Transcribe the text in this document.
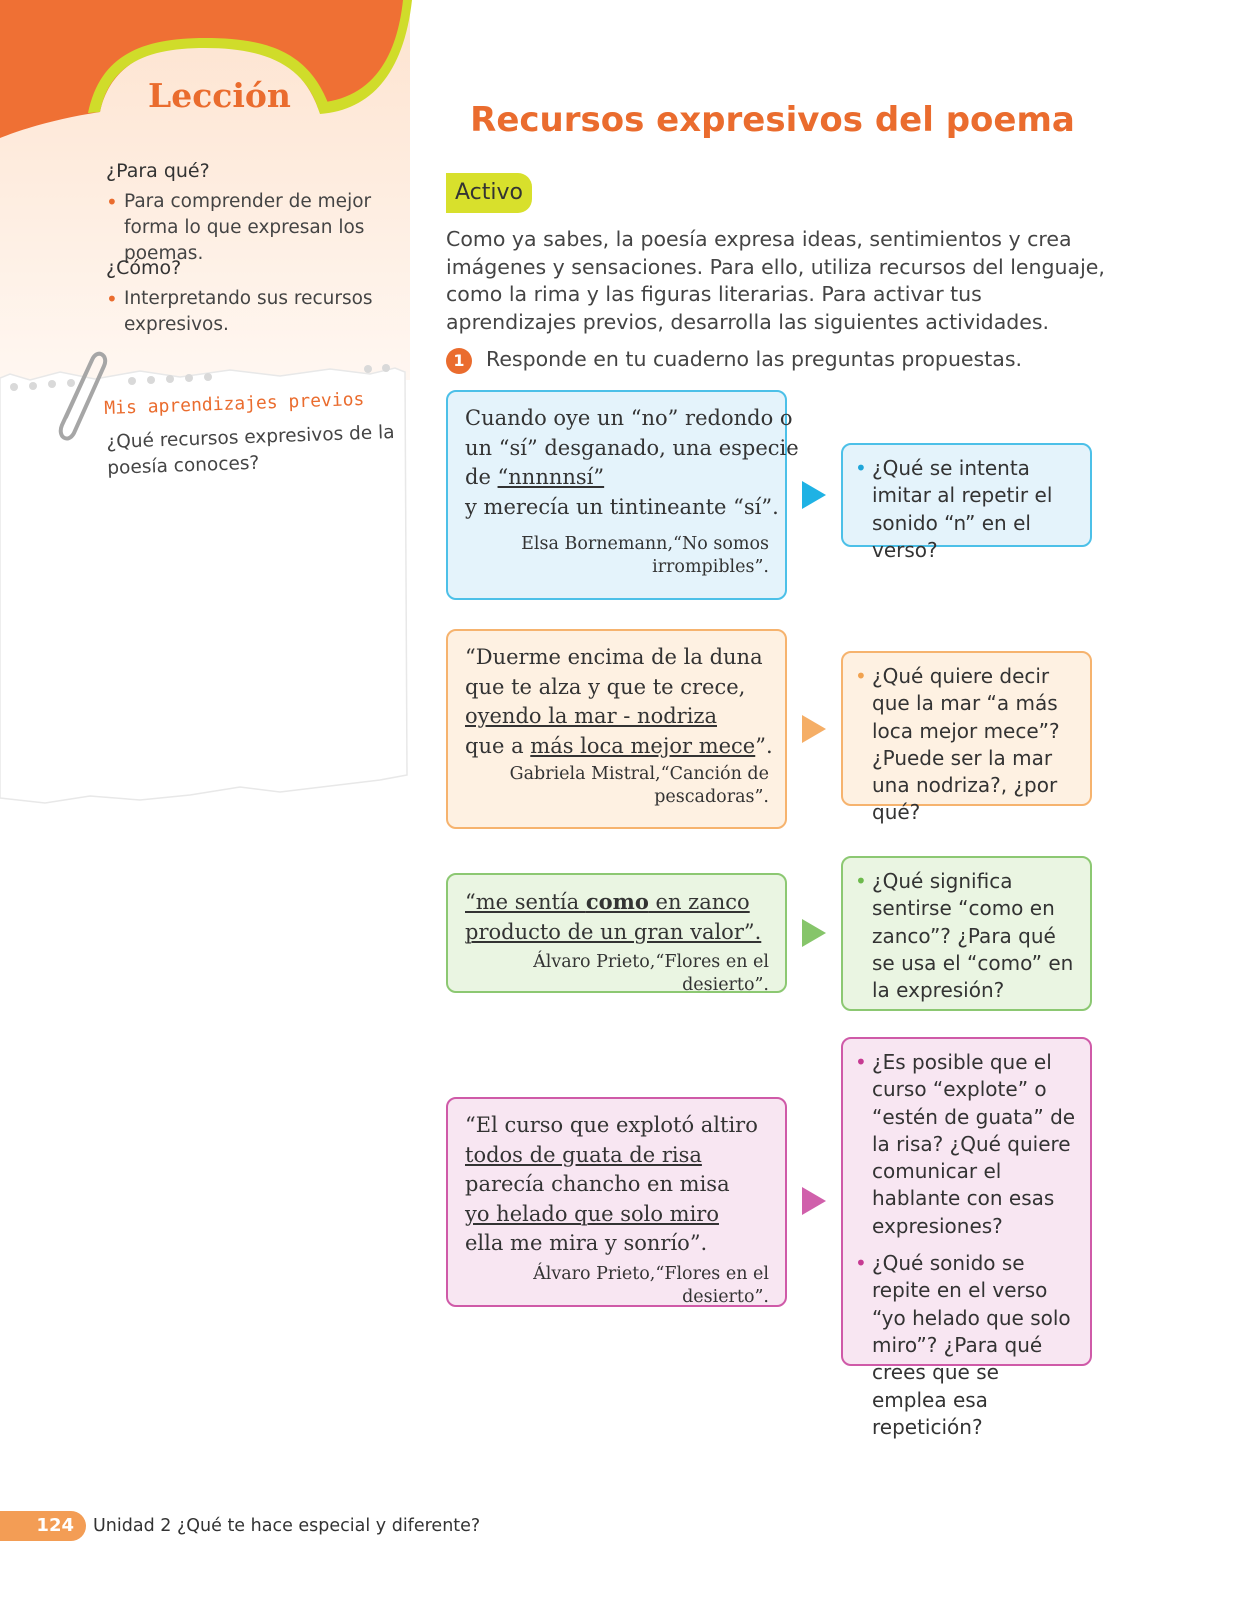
Lección
¿Para qué?
• Para comprender de mejor forma lo que expresan los poemas.
¿Cómo?
• Interpretando sus recursos expresivos.
Mis aprendizajes previos
¿Qué recursos expresivos de la poesía conoces?
Recursos expresivos del poema
Activo
Como ya sabes, la poesía expresa ideas, sentimientos y crea imágenes y sensaciones. Para ello, utiliza recursos del lenguaje, como la rima y las figuras literarias. Para activar tus aprendizajes previos, desarrolla las siguientes actividades.
1	Responde en tu cuaderno las preguntas propuestas.
Cuando oye un “no” redondo o
un “sí” desganado, una especie
de “nnnnnsí”
y merecía un tintineante “sí”.
Elsa Bornemann,“No somos
irrompibles”.
• ¿Qué se intenta imitar al repetir el sonido “n” en el verso?
“Duerme encima de la duna
que te alza y que te crece,
oyendo la mar - nodriza
que a más loca mejor mece”.
Gabriela Mistral,“Canción de
pescadoras”.
• ¿Qué quiere decir que la mar “a más loca mejor mece”? ¿Puede ser la mar una nodriza?, ¿por qué?
“me sentía como en zanco
producto de un gran valor”.
Álvaro Prieto,“Flores en el desierto”.
• ¿Qué significa sentirse “como en zanco”? ¿Para qué se usa el “como” en la expresión?
“El curso que explotó altiro
todos de guata de risa
parecía chancho en misa
yo helado que solo miro
ella me mira y sonrío”.
Álvaro Prieto,“Flores en el desierto”.
• ¿Es posible que el curso “explote” o “estén de guata” de la risa? ¿Qué quiere comunicar el hablante con esas expresiones?
• ¿Qué sonido se repite en el verso “yo helado que solo miro”? ¿Para qué crees que se emplea esa repetición?
124	Unidad 2 ¿Qué te hace especial y diferente?
